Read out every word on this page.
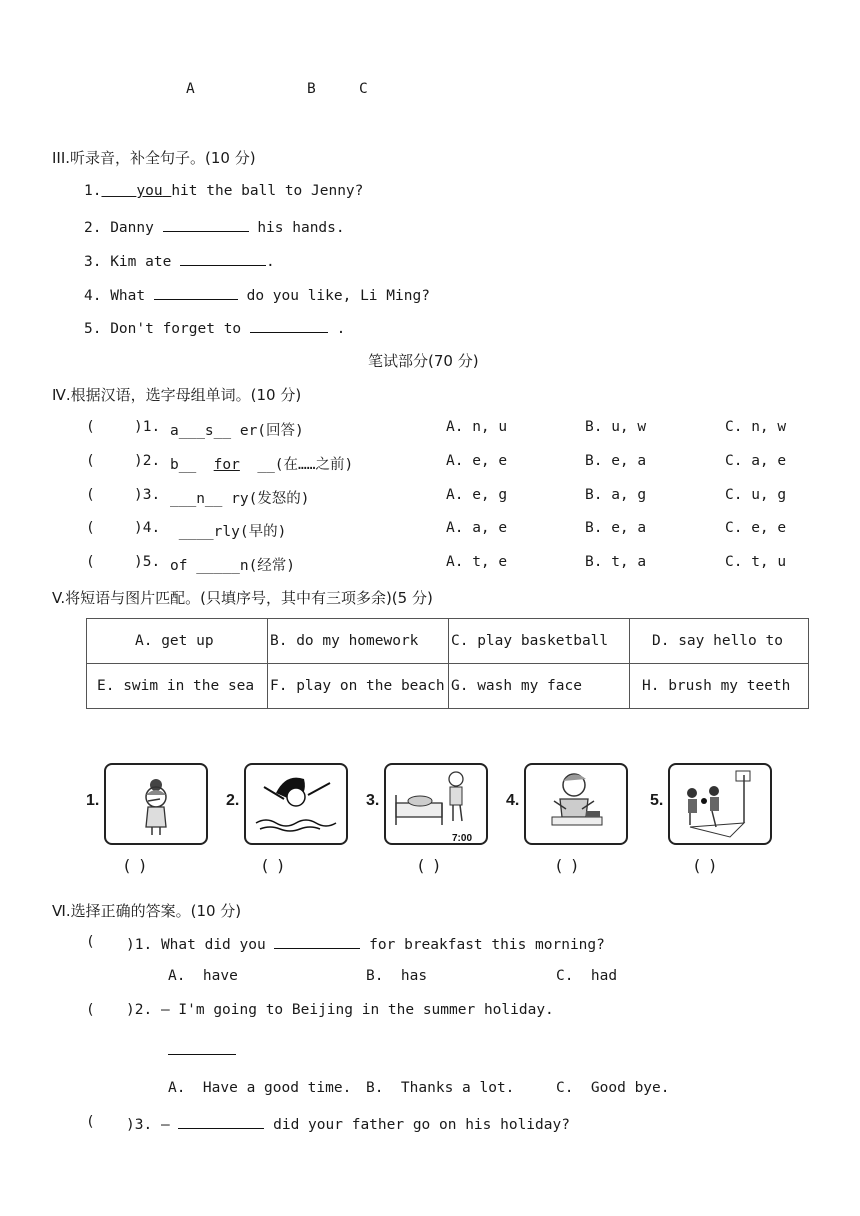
A	B	C
III.听录音，补全句子。(10 分)
1. you hit the ball to Jenny?
2. Danny	his hands.
3. Kim ate	.
4. What	do you like, Li Ming?
5. Don't forget to	.
笔试部分(70 分)
Ⅳ.根据汉语，选字母组单词。(10 分)
(	)1. a___s__ er(回答)	A. n, u	B. u, w	C. n, w
(	)2. b__ for __(在……之前)	A. e, e	B. e, a	C. a, e
(	)3. ___n__ ry(发怒的)	A. e, g	B. a, g	C. u, g
(	)4. ____rly(早的)	A. a, e	B. e, a	C. e, e
(	)5. of _____n(经常)	A. t, e	B. t, a	C. t, u
V.将短语与图片匹配。(只填序号，其中有三项多余)(5 分)
A. get up	B. do my homework	C. play basketball	D. say hello to
E. swim in the sea	F. play on the beach	G. wash my face	H. brush my teeth
1.	2.	3.
7:00
4.	5.
( )	( )	( )	( )	( )
Ⅵ.选择正确的答案。(10 分)
( )1. What did you	for breakfast this morning?
A.  have	B.  has	C.  had
( )2. — I'm going to Beijing in the summer holiday.
A.  Have a good time. B.  Thanks a lot.	C.  Good bye.
( )3. —	did your father go on his holiday?
